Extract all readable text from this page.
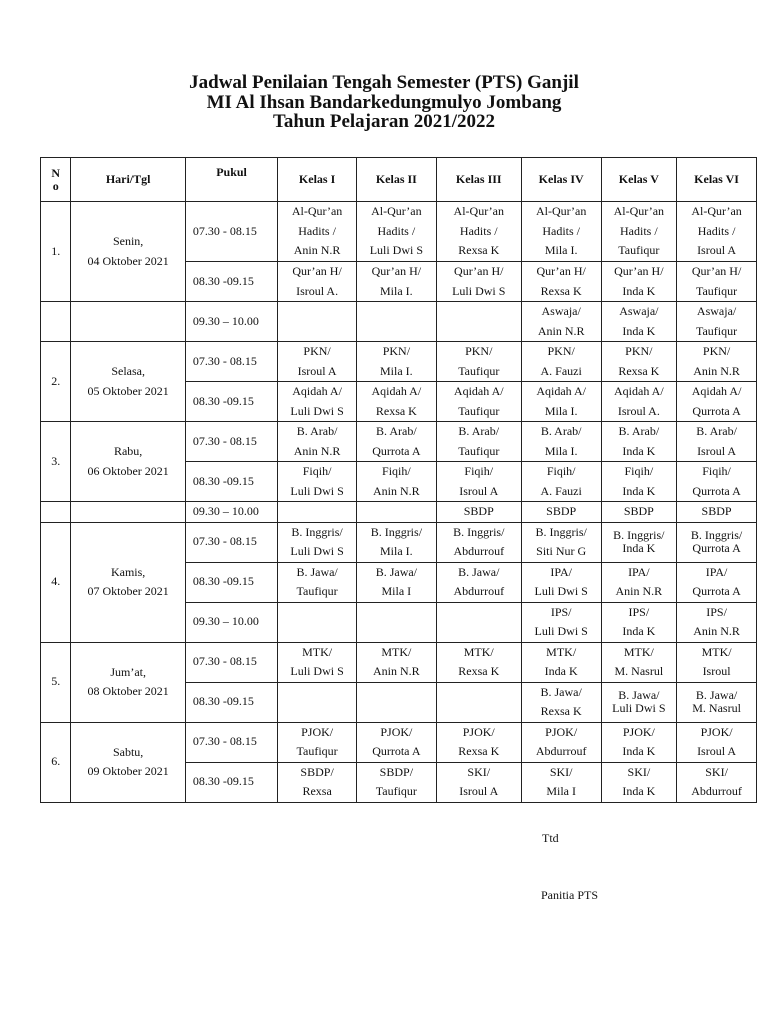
Jadwal Penilaian Tengah Semester (PTS) Ganjil
MI Al Ihsan Bandarkedungmulyo Jombang
Tahun Pelajaran 2021/2022
N
o	Hari/Tgl	Pukul	Kelas I	Kelas II	Kelas III	Kelas IV	Kelas V	Kelas VI
1.	Senin,
04 Oktober 2021	07.30 - 08.15	Al-Qur’an
Hadits /
Anin N.R	Al-Qur’an
Hadits /
Luli Dwi S	Al-Qur’an
Hadits /
Rexsa K	Al-Qur’an
Hadits /
Mila I.	Al-Qur’an
Hadits /
Taufiqur	Al-Qur’an
Hadits /
Isroul A

		08.30 -09.15	Qur’an H/
Isroul A.	Qur’an H/
Mila I.	Qur’an H/
Luli Dwi S	Qur’an H/
Rexsa K	Qur’an H/
Inda K	Qur’an H/
Taufiqur

		09.30 – 10.00				Aswaja/
Anin N.R	Aswaja/
Inda K	Aswaja/
Taufiqur

2.	Selasa,
05 Oktober 2021	07.30 - 08.15	PKN/
Isroul A	PKN/
Mila I.	PKN/
Taufiqur	PKN/
A. Fauzi	PKN/
Rexsa K	PKN/
Anin N.R

		08.30 -09.15	Aqidah A/
Luli Dwi S	Aqidah A/
Rexsa K	Aqidah A/
Taufiqur	Aqidah A/
Mila I.	Aqidah A/
Isroul A.	Aqidah A/
Qurrota A

3.	Rabu,
06 Oktober 2021	07.30 - 08.15	B. Arab/
Anin N.R	B. Arab/
Qurrota A	B. Arab/
Taufiqur	B. Arab/
Mila I.	B. Arab/
Inda K	B. Arab/
Isroul A

		08.30 -09.15	Fiqih/
Luli Dwi S	Fiqih/
Anin N.R	Fiqih/
Isroul A	Fiqih/
A. Fauzi	Fiqih/
Inda K	Fiqih/
Qurrota A

		09.30 – 10.00			SBDP	SBDP	SBDP	SBDP

4.	Kamis,
07 Oktober 2021	07.30 - 08.15	B. Inggris/
Luli Dwi S	B. Inggris/
Mila I.	B. Inggris/
Abdurrouf	B. Inggris/
Siti Nur G	B. Inggris/
Inda K	B. Inggris/
Qurrota A

		08.30 -09.15	B. Jawa/
Taufiqur	B. Jawa/
Mila I	B. Jawa/
Abdurrouf	IPA/
Luli Dwi S	IPA/
Anin N.R	IPA/
Qurrota A

		09.30 – 10.00				IPS/
Luli Dwi S	IPS/
Inda K	IPS/
Anin N.R

5.	Jum’at,
08 Oktober 2021	07.30 - 08.15	MTK/
Luli Dwi S	MTK/
Anin N.R	MTK/
Rexsa K	MTK/
Inda K	MTK/
M. Nasrul	MTK/
Isroul

		08.30 -09.15				B. Jawa/
Rexsa K	B. Jawa/
Luli Dwi S	B. Jawa/
M. Nasrul

6.	Sabtu,
09 Oktober 2021	07.30 - 08.15	PJOK/
Taufiqur	PJOK/
Qurrota A	PJOK/
Rexsa K	PJOK/
Abdurrouf	PJOK/
Inda K	PJOK/
Isroul A

		08.30 -09.15	SBDP/
Rexsa	SBDP/
Taufiqur	SKI/
Isroul A	SKI/
Mila I	SKI/
Inda K	SKI/
Abdurrouf
Ttd
Panitia PTS
